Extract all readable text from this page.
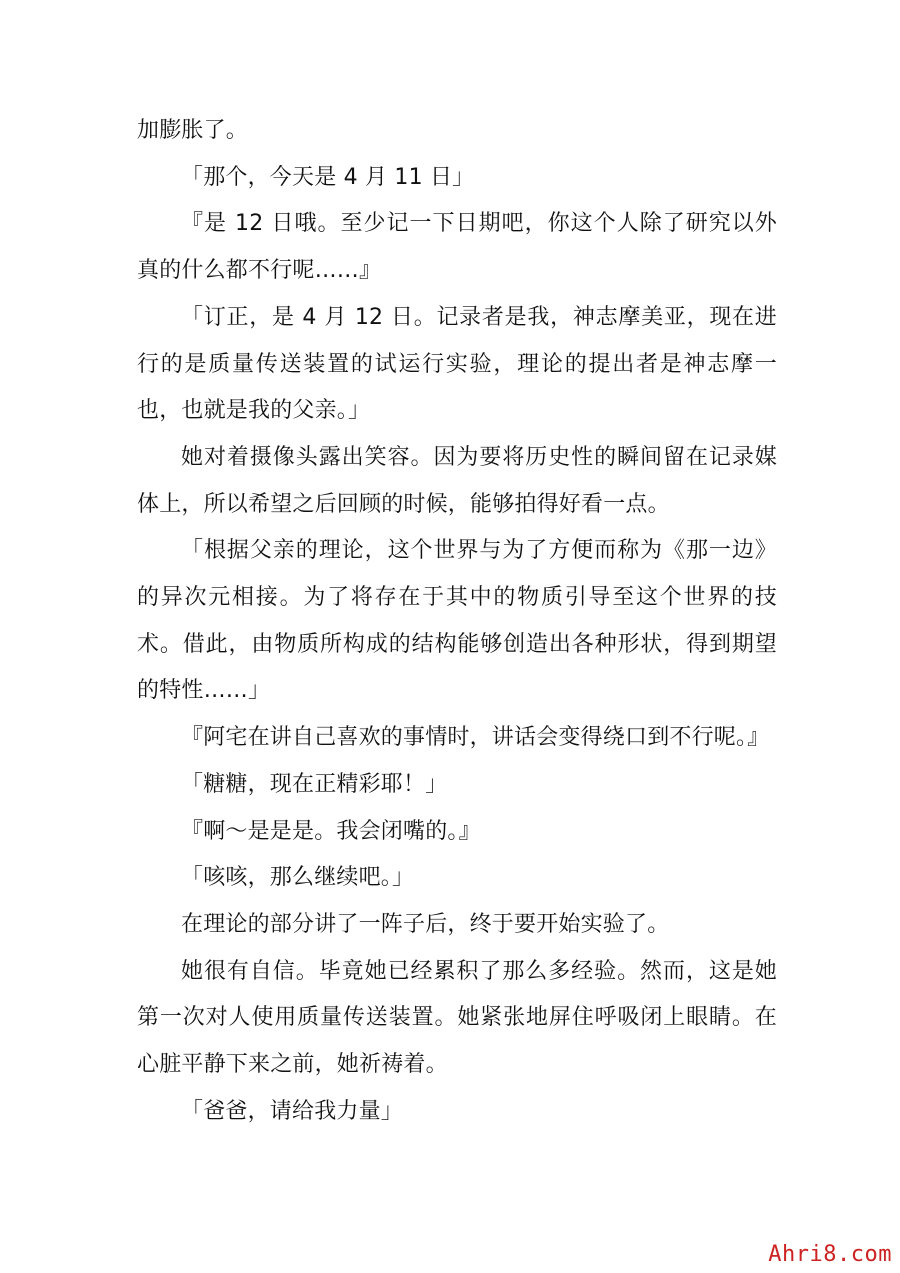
加膨胀了。

「那个，今天是 4 月 11 日」

『是 12 日哦。至少记一下日期吧，你这个人除了研究以外真的什么都不行呢……』

「订正，是 4 月 12 日。记录者是我，神志摩美亚，现在进行的是质量传送装置的试运行实验，理论的提出者是神志摩一也，也就是我的父亲。」

她对着摄像头露出笑容。因为要将历史性的瞬间留在记录媒体上，所以希望之后回顾的时候，能够拍得好看一点。

「根据父亲的理论，这个世界与为了方便而称为《那一边》的异次元相接。为了将存在于其中的物质引导至这个世界的技术。借此，由物质所构成的结构能够创造出各种形状，得到期望的特性……」

『阿宅在讲自己喜欢的事情时，讲话会变得绕口到不行呢。』

「糖糖，现在正精彩耶！」

『啊～是是是。我会闭嘴的。』

「咳咳，那么继续吧。」

在理论的部分讲了一阵子后，终于要开始实验了。

她很有自信。毕竟她已经累积了那么多经验。然而，这是她第一次对人使用质量传送装置。她紧张地屏住呼吸闭上眼睛。在心脏平静下来之前，她祈祷着。

「爸爸，请给我力量」

Ahri8.com
